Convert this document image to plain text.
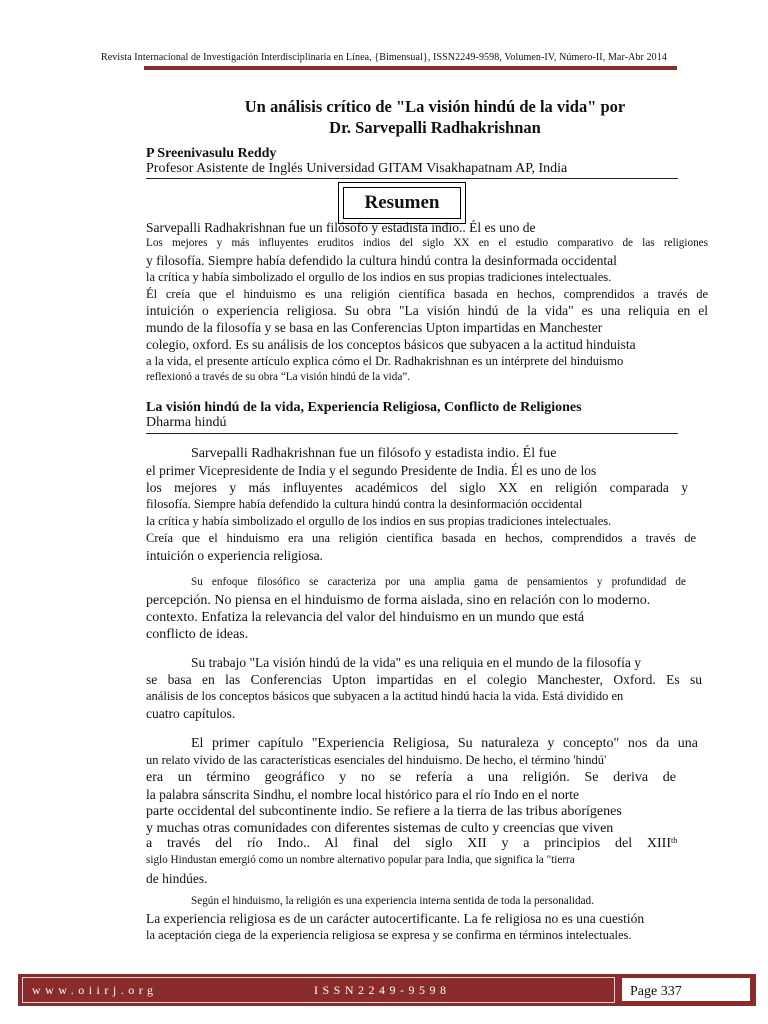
Revista Internacional de Investigación Interdisciplinaria en Línea, {Bimensual}, ISSN2249-9598, Volumen-IV, Número-II, Mar-Abr 2014
Un análisis crítico de "La visión hindú de la vida" por
Dr. Sarvepalli Radhakrishnan
P Sreenivasulu Reddy
Profesor Asistente de Inglés Universidad GITAM Visakhapatnam AP, India
Resumen
Sarvepalli Radhakrishnan fue un filósofo y estadista indio.. Él es uno de
Los mejores y más influyentes eruditos indios del siglo XX en el estudio comparativo de las religiones
y filosofía. Siempre había defendido la cultura hindú contra la desinformada occidental
la crítica y había simbolizado el orgullo de los indios en sus propias tradiciones intelectuales.
Él creía que el hinduismo es una religión científica basada en hechos, comprendidos a través de
intuición o experiencia religiosa. Su obra "La visión hindú de la vida" es una reliquia en el
mundo de la filosofía y se basa en las Conferencias Upton impartidas en Manchester
colegio, oxford. Es su análisis de los conceptos básicos que subyacen a la actitud hinduista
a la vida, el presente artículo explica cómo el Dr. Radhakrishnan es un intérprete del hinduismo
reflexionó a través de su obra “La visión hindú de la vida”.
La visión hindú de la vida, Experiencia Religiosa, Conflicto de Religiones
Dharma hindú
Sarvepalli Radhakrishnan fue un filósofo y estadista indio. Él fue
el primer Vicepresidente de India y el segundo Presidente de India. Él es uno de los
los mejores y más influyentes académicos del siglo XX en religión comparada y
filosofía. Siempre había defendido la cultura hindú contra la desinformación occidental
la crítica y había simbolizado el orgullo de los indios en sus propias tradiciones intelectuales.
Creía que el hinduismo era una religión científica basada en hechos, comprendidos a través de
intuición o experiencia religiosa.
Su enfoque filosófico se caracteriza por una amplia gama de pensamientos y profundidad de
percepción. No piensa en el hinduismo de forma aislada, sino en relación con lo moderno.
contexto. Enfatiza la relevancia del valor del hinduismo en un mundo que está
conflicto de ideas.
Su trabajo "La visión hindú de la vida" es una reliquia en el mundo de la filosofía y
se basa en las Conferencias Upton impartidas en el colegio Manchester, Oxford. Es su
análisis de los conceptos básicos que subyacen a la actitud hindú hacia la vida. Está dividido en
cuatro capítulos.
El primer capítulo "Experiencia Religiosa, Su naturaleza y concepto" nos da una
un relato vívido de las características esenciales del hinduismo. De hecho, el término 'hindú'
era un término geográfico y no se refería a una religión. Se deriva de
la palabra sánscrita Sindhu, el nombre local histórico para el río Indo en el norte
parte occidental del subcontinente indio. Se refiere a la tierra de las tribus aborígenes
y muchas otras comunidades con diferentes sistemas de culto y creencias que viven
a través del río Indo.. Al final del siglo XII y a principios del XIIIth
siglo Hindustan emergió como un nombre alternativo popular para India, que significa la "tierra
de hindúes.
Según el hinduismo, la religión es una experiencia interna sentida de toda la personalidad.
La experiencia religiosa es de un carácter autocertificante. La fe religiosa no es una cuestión
la aceptación ciega de la experiencia religiosa se expresa y se confirma en términos intelectuales.
www.oiirj.org	ISSN2249-9598	Page 337
